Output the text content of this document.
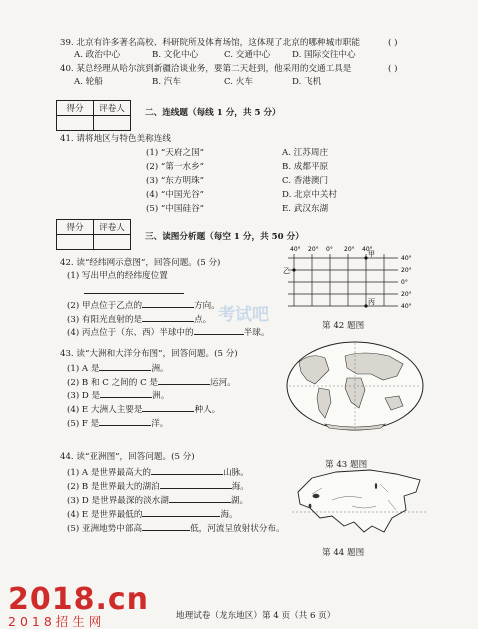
39. 北京有许多著名高校、科研院所及体育场馆，这体现了北京的哪种城市职能	( )
A. 政治中心	B. 文化中心	C. 交通中心	D. 国际交往中心
40. 某总经理从哈尔滨到新疆洽谈业务，要第二天赶到，他采用的交通工具是	( )
A. 轮船	B. 汽车	C. 火车	D. 飞机
得分	评卷人
	二、连线题（每线 1 分，共 5 分）
41. 请将地区与特色美称连线
(1) “天府之国”
(2) “第一水乡”
(3) “东方明珠”
(4) “中国光谷”
(5) “中国硅谷”
A. 江苏周庄
B. 成都平原
C. 香港澳门
D. 北京中关村
E. 武汉东湖
得分	评卷人

三、读图分析题（每空 1 分，共 50 分）
42. 读“经纬网示意图”，回答问题。(5 分)
(1) 写出甲点的经纬度位置
(2) 甲点位于乙点的	方向。
(3) 有阳光直射的是	点。
(4) 丙点位于（东、西）半球中的	半球。
40° 20° 0° 20° 40°
40°
20°
0°
20°
40°
甲
乙
丙
第 42 题图
考试吧
43. 读“大洲和大洋分布图”，回答问题。(5 分)
(1) A 是	洲。
(2) B 和 C 之间的 C 是	运河。
(3) D 是	洲。
(4) E 大洲人主要是	种人。
(5) F 是	洋。
第 43 题图
44. 读“亚洲图”，回答问题。(5 分)
(1) A 是世界最高大的	山脉。
(2) B 是世界最大的湖泊	海。
(3) D 是世界最深的淡水湖	湖。
(4) E 是世界最低的	海。
(5) 亚洲地势中部高	低，河流呈放射状分布。
第 44 题图
地理试卷（龙东地区）第 4 页（共 6 页）
2018.cn
2018招生网
